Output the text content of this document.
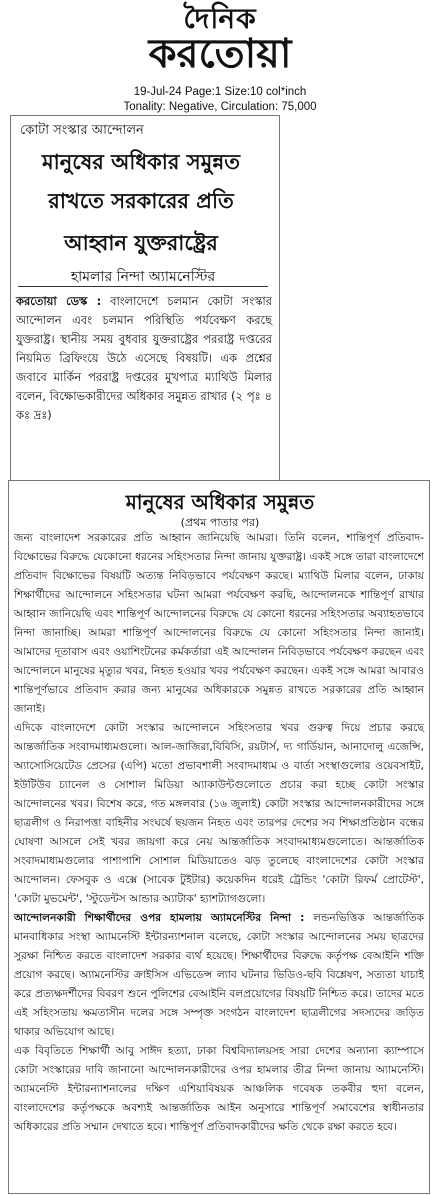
দৈনিক
করতোয়া
19-Jul-24 Page:1 Size:10 col*inch
Tonality: Negative, Circulation: 75,000
কোটা সংস্কার আন্দোলন
মানুষের অধিকার সমুন্নত
রাখতে সরকারের প্রতি
আহ্বান যুক্তরাষ্ট্রের
হামলার নিন্দা অ্যামনেস্টির
করতোয়া ডেস্ক : বাংলাদেশে চলমান কোটা সংস্কার আন্দোলন এবং চলমান পরিস্থিতি পর্যবেক্ষণ করছে যুক্তরাষ্ট্র। স্থানীয় সময় বুধবার যুক্তরাষ্ট্রের পররাষ্ট্র দপ্তরের নিয়মিত ব্রিফিংয়ে উঠে এসেছে বিষয়টি। এক প্রশ্নের জবাবে মার্কিন পররাষ্ট্র দপ্তরের মুখপাত্র ম্যাথিউ মিলার বলেন, বিক্ষোভকারীদের অধিকার সমুন্নত রাখার (২ পৃঃ ৪ কঃ দ্রঃ)
মানুষের অধিকার সমুন্নত
(প্রথম পাতার পর)

জন্য বাংলাদেশ সরকারের প্রতি আহ্বান জানিয়েছি আমরা। তিনি বলেন, শান্তিপূর্ণ প্রতিবাদ-বিক্ষোভের বিরুদ্ধে যেকোনো ধরনের সহিংসতার নিন্দা জানায় যুক্তরাষ্ট্র। একই সঙ্গে তারা বাংলাদেশে প্রতিবাদ বিক্ষোভের বিষয়টি অত্যন্ত নিবিড়ভাবে পর্যবেক্ষণ করছে। ম্যাথিউ মিলার বলেন, ঢাকায় শিক্ষার্থীদের আন্দোলনে সহিংসতার ঘটনা আমরা পর্যবেক্ষণ করছি, আন্দোলনকে শান্তিপূর্ণ রাখার আহ্বান জানিয়েছি এবং শান্তিপূর্ণ আন্দোলনের বিরুদ্ধে যে কোনো ধরনের সহিংসতার অব্যাহতভাবে নিন্দা জানাচ্ছি। আমরা শান্তিপূর্ণ আন্দোলনের বিরুদ্ধে যে কোনো সহিংসতার নিন্দা জানাই। আমাদের দূতাবাস এবং ওয়াশিংটনের কর্মকর্তারা এই আন্দোলন নিবিড়ভাবে পর্যবেক্ষণ করছেন এবং আন্দোলনে মানুষের মৃত্যুর খবর, নিহত হওয়ার খবর পর্যবেক্ষণ করছেন। একই সঙ্গে আমরা আবারও শান্তিপূর্ণভাবে প্রতিবাদ করার জন্য মানুষের অধিকারকে সমুন্নত রাখতে সরকারের প্রতি আহ্বান জানাই।

এদিকে বাংলাদেশে কোটা সংস্কার আন্দোলনে সহিংসতার খবর গুরুত্ব দিয়ে প্রচার করছে আন্তর্জাতিক সংবাদমাধ্যমগুলো। আল-জাজিরা,বিবিসি, রয়টার্স, দ্য গার্ডিয়ান, আনাদোলু এজেন্সি, অ্যাসোসিয়েটেড প্রেসের (এপি) মতো প্রভাবশালী সংবাদমাধ্যম ও বার্তা সংস্থাগুলোর ওয়েবসাইট, ইউটিউব চ্যানেল ও সোশাল মিডিয়া অ্যাকাউন্টগুলোতে প্রচার করা হচ্ছে কোটা সংস্কার আন্দোলনের খবর। বিশেষ করে, গত মঙ্গলবার (১৬ জুলাই) কোটা সংস্কার আন্দোলনকারীদের সঙ্গে ছাত্রলীগ ও নিরাপত্তা বাহিনীর সংঘর্ষে ছয়জন নিহত এবং তারপর দেশের সব শিক্ষাপ্রতিষ্ঠান বন্ধের ঘোষণা আসলে সেই খবর জায়গা করে নেয় আন্তর্জাতিক সংবাদমাধ্যমগুলোতে। আন্তর্জাতিক সংবাদমাধ্যমগুলোর পাশাপাশি সোশাল মিডিয়াতেও ঝড় তুলেছে বাংলাদেশের কোটা সংস্কার আন্দোলন। ফেসবুক ও এক্সে (সাবেক টুইটার) কয়েকদিন ধরেই ট্রেন্ডিং 'কোটা রিফর্ম প্রোটেস্ট', 'কোটা মুভমেন্ট', 'স্টুডেন্টস আন্ডার অ্যাটাক' হ্যাশট্যাগগুলো।

আন্দোলনকারী শিক্ষার্থীদের ওপর হামলায় অ্যামনেস্টির নিন্দা : লন্ডনভিত্তিক আন্তর্জাতিক মানবাধিকার সংস্থা অ্যামনেস্টি ইন্টারন্যাশনাল বলেছে, কোটা সংস্কার আন্দোলনের সময় ছাত্রদের সুরক্ষা নিশ্চিত করতে বাংলাদেশ সরকার ব্যর্থ হয়েছে। শিক্ষার্থীদের বিরুদ্ধে কর্তৃপক্ষ বেআইনি শক্তি প্রয়োগ করছে। অ্যামনেস্টির ক্রাইসিস এভিডেন্স ল্যাব ঘটনার ভিডিও-ছবি বিশ্লেষণ, সত্যতা যাচাই করে প্রত্যক্ষদর্শীদের বিবরণ শুনে পুলিশের বেআইনি বলপ্রয়োগের বিষয়টি নিশ্চিত করে। তাদের মতে এই সহিংসতায় ক্ষমতাসীন দলের সঙ্গে সম্পৃক্ত সংগঠন বাংলাদেশ ছাত্রলীগের সদস্যদের জড়িত থাকার অভিযোগ আছে।

এক বিবৃতিতে শিক্ষার্থী আবু সাঈদ হত্যা, ঢাকা বিশ্ববিদ্যালয়সহ সারা দেশের অন্যান্য ক্যাম্পাসে কোটা সংস্কারের দাবি জানানো আন্দোলনকারীদের ওপর হামলার তীব্র নিন্দা জানায় অ্যামনেস্টি। অ্যামনেস্টি ইন্টারন্যাশনালের দক্ষিণ এশিয়াবিষয়ক আঞ্চলিক গবেষক তকবীর হুদা বলেন, বাংলাদেশের কর্তৃপক্ষকে অবশ্যই আন্তর্জাতিক আইন অনুসারে শান্তিপূর্ণ সমাবেশের স্বাধীনতার অধিকারের প্রতি সম্মান দেখাতে হবে। শান্তিপূর্ণ প্রতিবাদকারীদের ক্ষতি থেকে রক্ষা করতে হবে।
